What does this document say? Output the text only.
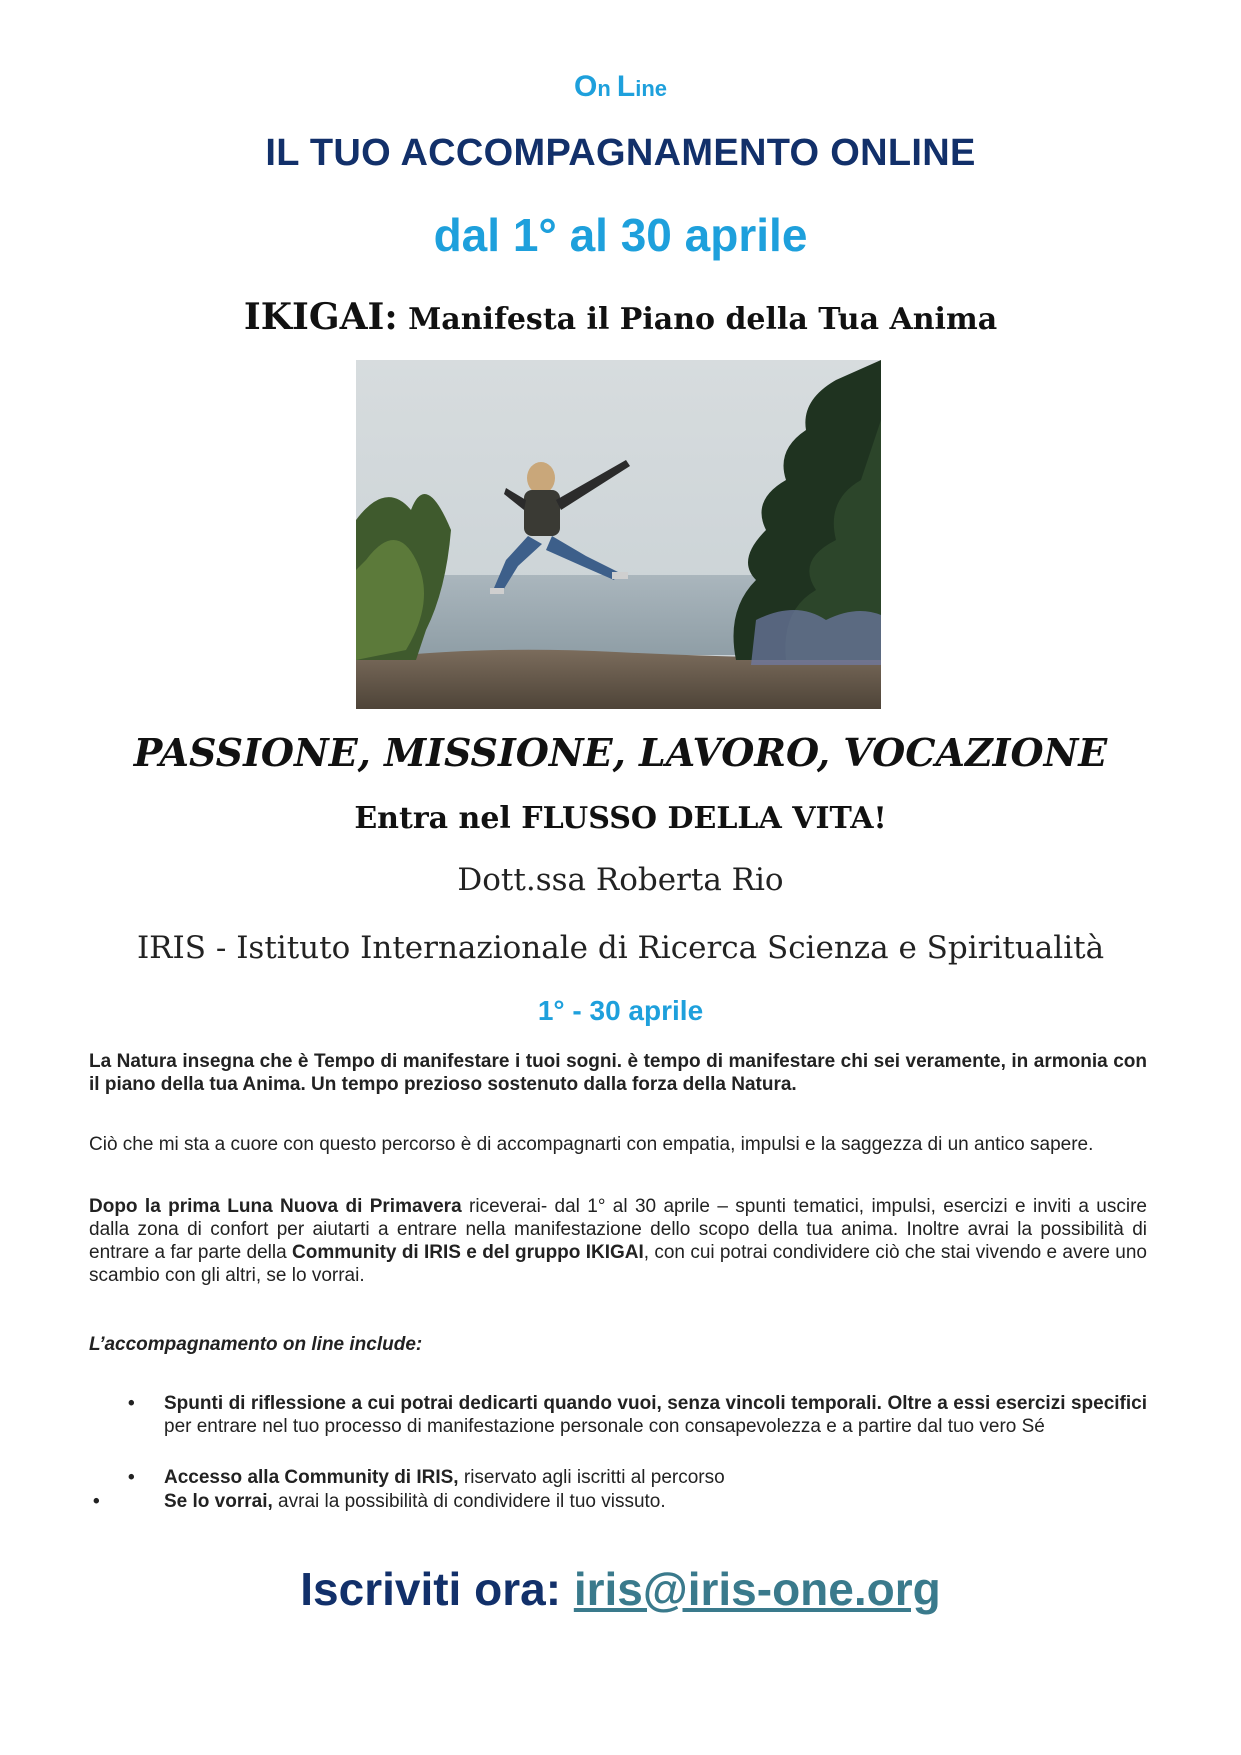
On Line
IL TUO ACCOMPAGNAMENTO ONLINE
dal 1° al 30 aprile
IKIGAI: Manifesta il Piano della Tua Anima
PASSIONE, MISSIONE, LAVORO, VOCAZIONE
Entra nel FLUSSO DELLA VITA!
Dott.ssa Roberta Rio
IRIS - Istituto Internazionale di Ricerca Scienza e Spiritualità
1° - 30 aprile
La Natura insegna che è Tempo di manifestare i tuoi sogni. è tempo di manifestare chi sei veramente, in armonia con il piano della tua Anima. Un tempo prezioso sostenuto dalla forza della Natura.
Ciò che mi sta a cuore con questo percorso è di accompagnarti con empatia, impulsi e la saggezza di un antico sapere.
Dopo la prima Luna Nuova di Primavera riceverai- dal 1° al 30 aprile – spunti tematici, impulsi, esercizi e inviti a uscire dalla zona di confort per aiutarti a entrare nella manifestazione dello scopo della tua anima. Inoltre avrai la possibilità di entrare a far parte della Community di IRIS e del gruppo IKIGAI, con cui potrai condividere ciò che stai vivendo e avere uno scambio con gli altri, se lo vorrai.
L’accompagnamento on line include:
• Spunti di riflessione a cui potrai dedicarti quando vuoi, senza vincoli temporali. Oltre a essi esercizi specifici per entrare nel tuo processo di manifestazione personale con consapevolezza e a partire dal tuo vero Sé
• Accesso alla Community di IRIS, riservato agli iscritti al percorso
•	Se lo vorrai, avrai la possibilità di condividere il tuo vissuto.
Iscriviti ora: iris@iris-one.org
